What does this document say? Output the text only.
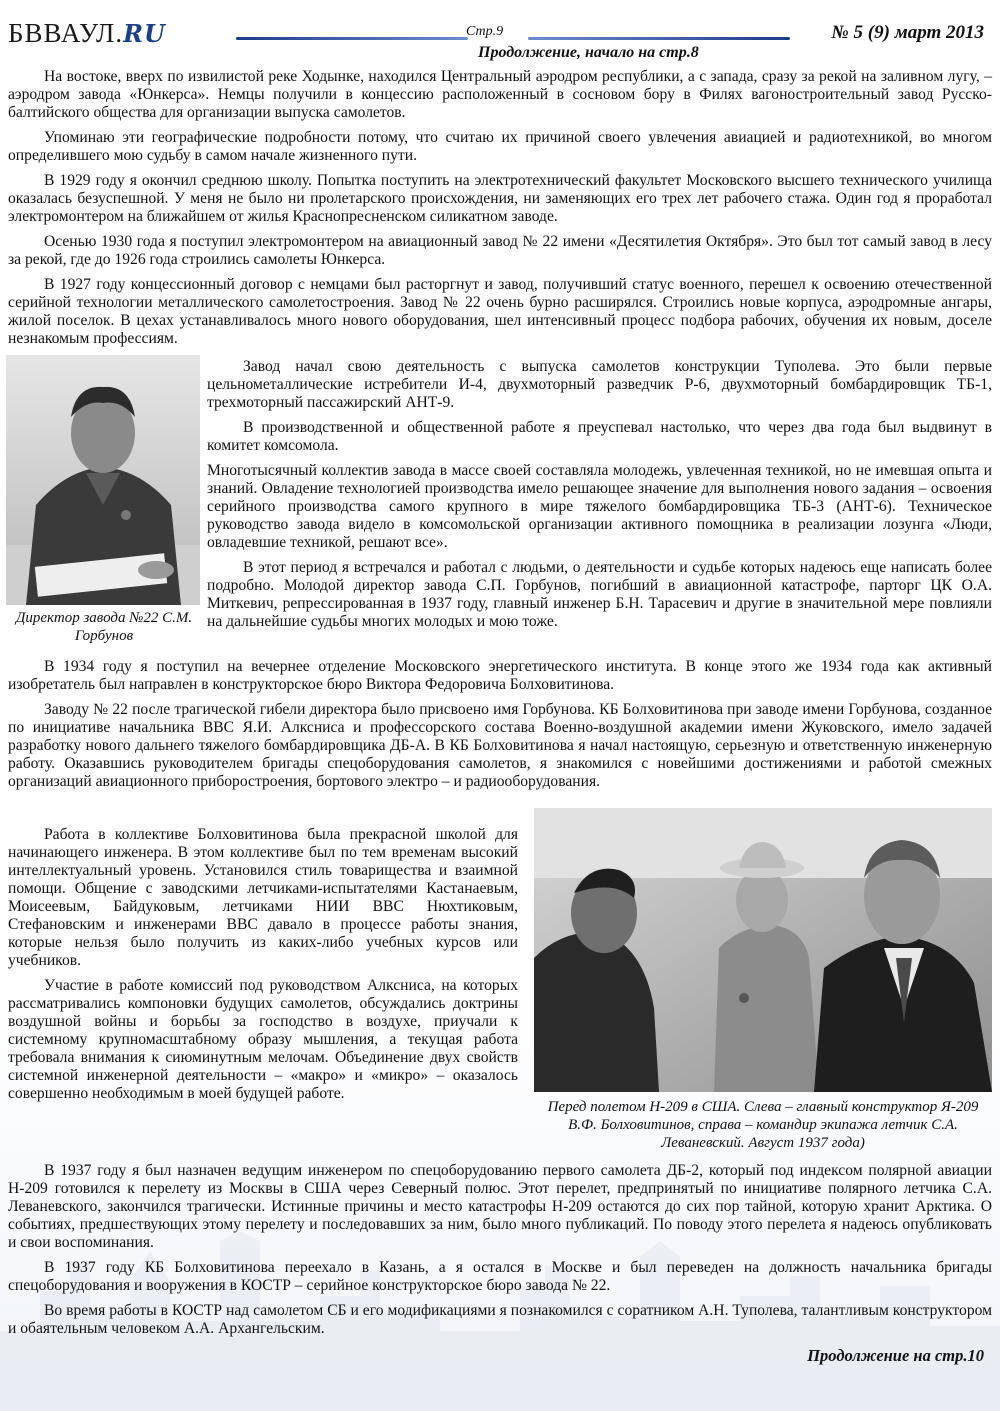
БВВАУЛ.RU	Стр.9	№ 5 (9) март 2013
Продолжение, начало на стр.8

На востоке, вверх по извилистой реке Ходынке, находился Центральный аэродром республики, а с запада, сразу за рекой на заливном лугу, – аэродром завода «Юнкерса». Немцы получили в концессию расположенный в сосновом бору в Филях вагоностроительный завод Русско-балтийского общества для организации выпуска самолетов.

Упоминаю эти географические подробности потому, что считаю их причиной своего увлечения авиацией и радиотехникой, во многом определившего мою судьбу в самом начале жизненного пути.

В 1929 году я окончил среднюю школу. Попытка поступить на электротехнический факультет Московского высшего технического училища оказалась безуспешной. У меня не было ни пролетарского происхождения, ни заменяющих его трех лет рабочего стажа. Один год я проработал электромонтером на ближайшем от жилья Краснопресненском силикатном заводе.

Осенью 1930 года я поступил электромонтером на авиационный завод № 22 имени «Десятилетия Октября». Это был тот самый завод в лесу за рекой, где до 1926 года строились самолеты Юнкерса.

В 1927 году концессионный договор с немцами был расторгнут и завод, получивший статус военного, перешел к освоению отечественной серийной технологии металлического самолетостроения. Завод № 22 очень бурно расширялся. Строились новые корпуса, аэродромные ангары, жилой поселок. В цехах устанавливалось много нового оборудования, шел интенсивный процесс подбора рабочих, обучения их новым, доселе незнакомым профессиям.

Директор завода №22 С.М. Горбунов

Завод начал свою деятельность с выпуска самолетов конструкции Туполева. Это были первые цельнометаллические истребители И-4, двухмоторный разведчик Р-6, двухмоторный бомбардировщик ТБ-1, трехмоторный пассажирский АНТ-9.

В производственной и общественной работе я преуспевал настолько, что через два года был выдвинут в комитет комсомола.

Многотысячный коллектив завода в массе своей составляла молодежь, увлеченная техникой, но не имевшая опыта и знаний. Овладение технологией производства имело решающее значение для выполнения нового задания – освоения серийного производства самого крупного в мире тяжелого бомбардировщика ТБ-3 (АНТ-6). Техническое руководство завода видело в комсомольской организации активного помощника в реализации лозунга «Люди, овладевшие техникой, решают все».

В этот период я встречался и работал с людьми, о деятельности и судьбе которых надеюсь еще написать более подробно. Молодой директор завода С.П. Горбунов, погибший в авиационной катастрофе, парторг ЦК О.А. Миткевич, репрессированная в 1937 году, главный инженер Б.Н. Тарасевич и другие в значительной мере повлияли на дальнейшие судьбы многих молодых и мою тоже.

В 1934 году я поступил на вечернее отделение Московского энергетического института. В конце этого же 1934 года как активный изобретатель был направлен в конструкторское бюро Виктора Федоровича Болховитинова.

Заводу № 22 после трагической гибели директора было присвоено имя Горбунова. КБ Болховитинова при заводе имени Горбунова, созданное по инициативе начальника ВВС Я.И. Алксниса и профессорского состава Военно-воздушной академии имени Жуковского, имело задачей разработку нового дальнего тяжелого бомбардировщика ДБ-А. В КБ Болховитинова я начал настоящую, серьезную и ответственную инженерную работу. Оказавшись руководителем бригады спецоборудования самолетов, я знакомился с новейшими достижениями и работой смежных организаций авиационного приборостроения, бортового электро – и радиооборудования.

Работа в коллективе Болховитинова была прекрасной школой для начинающего инженера. В этом коллективе был по тем временам высокий интеллектуальный уровень. Установился стиль товарищества и взаимной помощи. Общение с заводскими летчиками-испытателями Кастанаевым, Моисеевым, Байдуковым, летчиками НИИ ВВС Нюхтиковым, Стефановским и инженерами ВВС давало в процессе работы знания, которые нельзя было получить из каких-либо учебных курсов или учебников.

Участие в работе комиссий под руководством Алксниса, на которых рассматривались компоновки будущих самолетов, обсуждались доктрины воздушной войны и борьбы за господство в воздухе, приучали к системному крупномасштабному образу мышления, а текущая работа требовала внимания к сиюминутным мелочам. Объединение двух свойств системной инженерной деятельности – «макро» и «микро» – оказалось совершенно необходимым в моей будущей работе.

Перед полетом Н-209 в США. Слева – главный конструктор Я-209 В.Ф. Болховитинов, справа – командир экипажа летчик С.А. Леваневский. Август 1937 года)

В 1937 году я был назначен ведущим инженером по спецоборудованию первого самолета ДБ-2, который под индексом полярной авиации Н-209 готовился к перелету из Москвы в США через Северный полюс. Этот перелет, предпринятый по инициативе полярного летчика С.А. Леваневского, закончился трагически. Истинные причины и место катастрофы Н-209 остаются до сих пор тайной, которую хранит Арктика. О событиях, предшествующих этому перелету и последовавших за ним, было много публикаций. По поводу этого перелета я надеюсь опубликовать и свои воспоминания.

В 1937 году КБ Болховитинова переехало в Казань, а я остался в Москве и был переведен на должность начальника бригады спецоборудования и вооружения в КОСТР – серийное конструкторское бюро завода № 22.

Во время работы в КОСТР над самолетом СБ и его модификациями я познакомился с соратником А.Н. Туполева, талантливым конструктором и обаятельным человеком А.А. Архангельским.

Продолжение на стр.10
